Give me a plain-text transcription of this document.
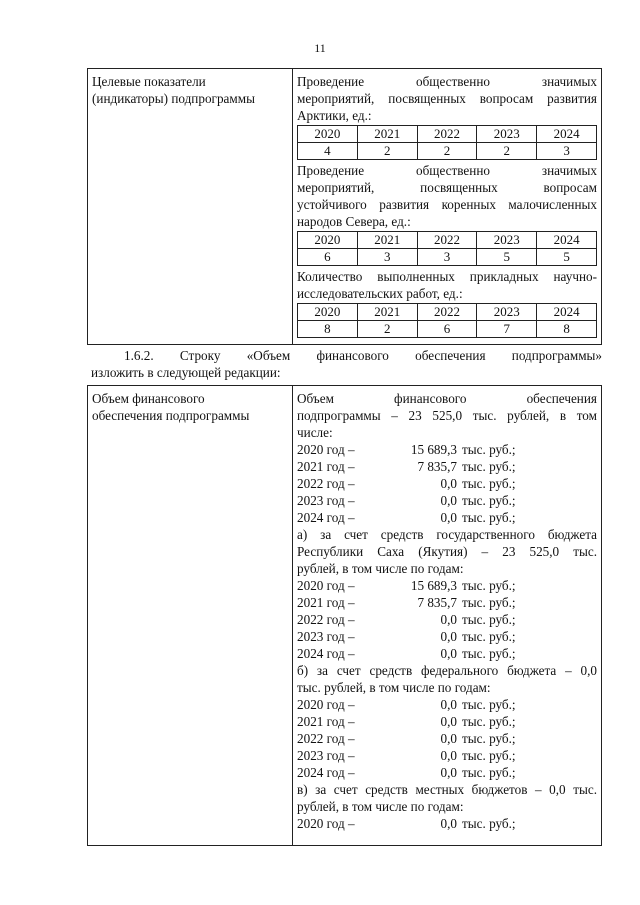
11
Целевые показатели
(индикаторы) подпрограммы

Проведение общественно значимых
мероприятий, посвященных вопросам развития
Арктики, ед.:
2020	2021	2022	2023	2024
4	2	2	2	3
Проведение общественно значимых
мероприятий, посвященных вопросам
устойчивого развития коренных малочисленных
народов Севера, ед.:
2020	2021	2022	2023	2024
6	3	3	5	5
Количество выполненных прикладных научно-
исследовательских работ, ед.:
2020	2021	2022	2023	2024
8	2	6	7	8
1.6.2. Строку «Объем финансового обеспечения подпрограммы»
изложить в следующей редакции:
Объем финансового
обеспечения подпрограммы

Объем финансового обеспечения
подпрограммы – 23 525,0 тыс. рублей, в том
числе:
2020 год –	15 689,3 тыс. руб.;
2021 год –	7 835,7 тыс. руб.;
2022 год –	0,0 тыс. руб.;
2023 год –	0,0 тыс. руб.;
2024 год –	0,0 тыс. руб.;
а) за счет средств государственного бюджета
Республики Саха (Якутия) – 23 525,0 тыс.
рублей, в том числе по годам:
2020 год –	15 689,3 тыс. руб.;
2021 год –	7 835,7 тыс. руб.;
2022 год –	0,0 тыс. руб.;
2023 год –	0,0 тыс. руб.;
2024 год –	0,0 тыс. руб.;
б) за счет средств федерального бюджета – 0,0
тыс. рублей, в том числе по годам:
2020 год –	0,0 тыс. руб.;
2021 год –	0,0 тыс. руб.;
2022 год –	0,0 тыс. руб.;
2023 год –	0,0 тыс. руб.;
2024 год –	0,0 тыс. руб.;
в) за счет средств местных бюджетов – 0,0 тыс.
рублей, в том числе по годам:
2020 год –	0,0 тыс. руб.;
